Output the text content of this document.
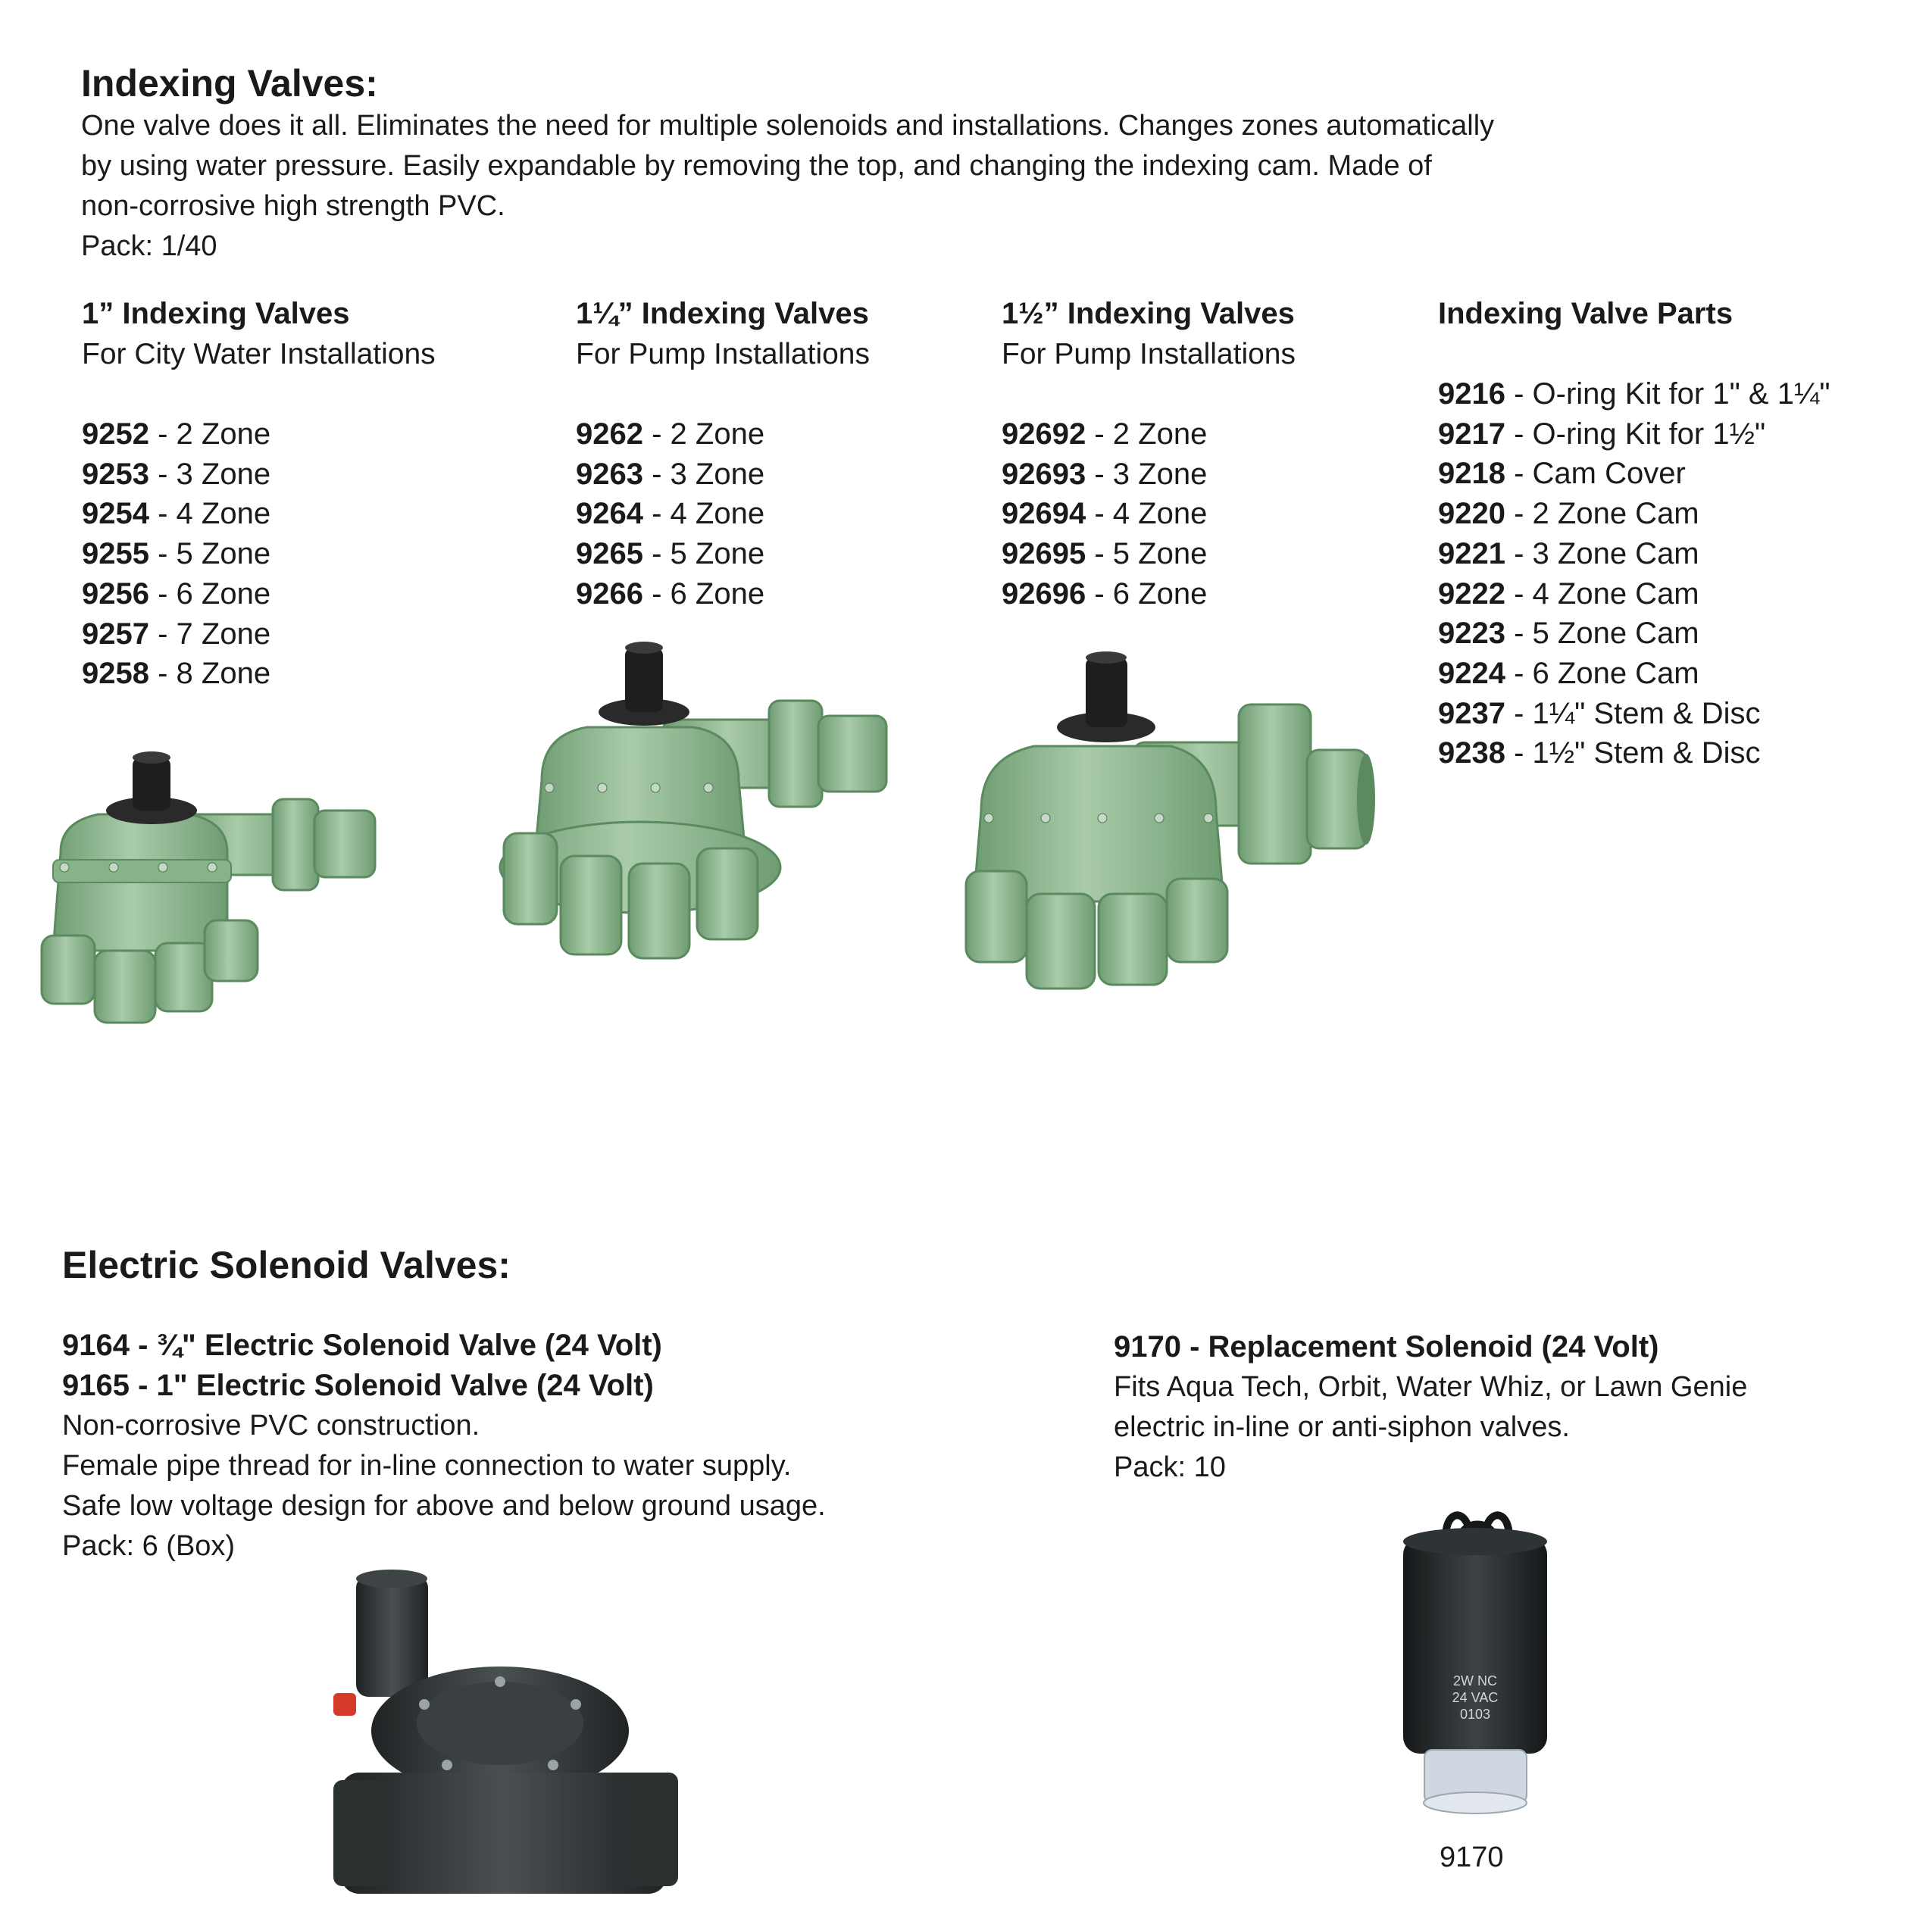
Indexing Valves:
One valve does it all. Eliminates the need for multiple solenoids and installations. Changes zones automatically
by using water pressure. Easily expandable by removing the top, and changing the indexing cam. Made of
non-corrosive high strength PVC.
Pack: 1/40
1” Indexing Valves
For City Water Installations
9252 - 2 Zone
9253 - 3 Zone
9254 - 4 Zone
9255 - 5 Zone
9256 - 6 Zone
9257 - 7 Zone
9258 - 8 Zone
1¼” Indexing Valves
For Pump Installations
9262 - 2 Zone
9263 - 3 Zone
9264 - 4 Zone
9265 - 5 Zone
9266 - 6 Zone
1½” Indexing Valves
For Pump Installations
92692 - 2 Zone
92693 - 3 Zone
92694 - 4 Zone
92695 - 5 Zone
92696 - 6 Zone
Indexing Valve Parts
9216 - O-ring Kit for 1" & 1¼"
9217 - O-ring Kit for 1½"
9218 - Cam Cover
9220 - 2 Zone Cam
9221 - 3 Zone Cam
9222 - 4 Zone Cam
9223 - 5 Zone Cam
9224 - 6 Zone Cam
9237 - 1¼" Stem & Disc
9238 - 1½" Stem & Disc
Electric Solenoid Valves:
9164 - ¾" Electric Solenoid Valve (24 Volt)
9165 - 1" Electric Solenoid Valve (24 Volt)
Non-corrosive PVC construction.
Female pipe thread for in-line connection to water supply.
Safe low voltage design for above and below ground usage.
Pack: 6 (Box)
9170 - Replacement Solenoid (24 Volt)
Fits Aqua Tech, Orbit, Water Whiz, or Lawn Genie
electric in-line or anti-siphon valves.
Pack: 10
2W NC
24 VAC
0103
9170
